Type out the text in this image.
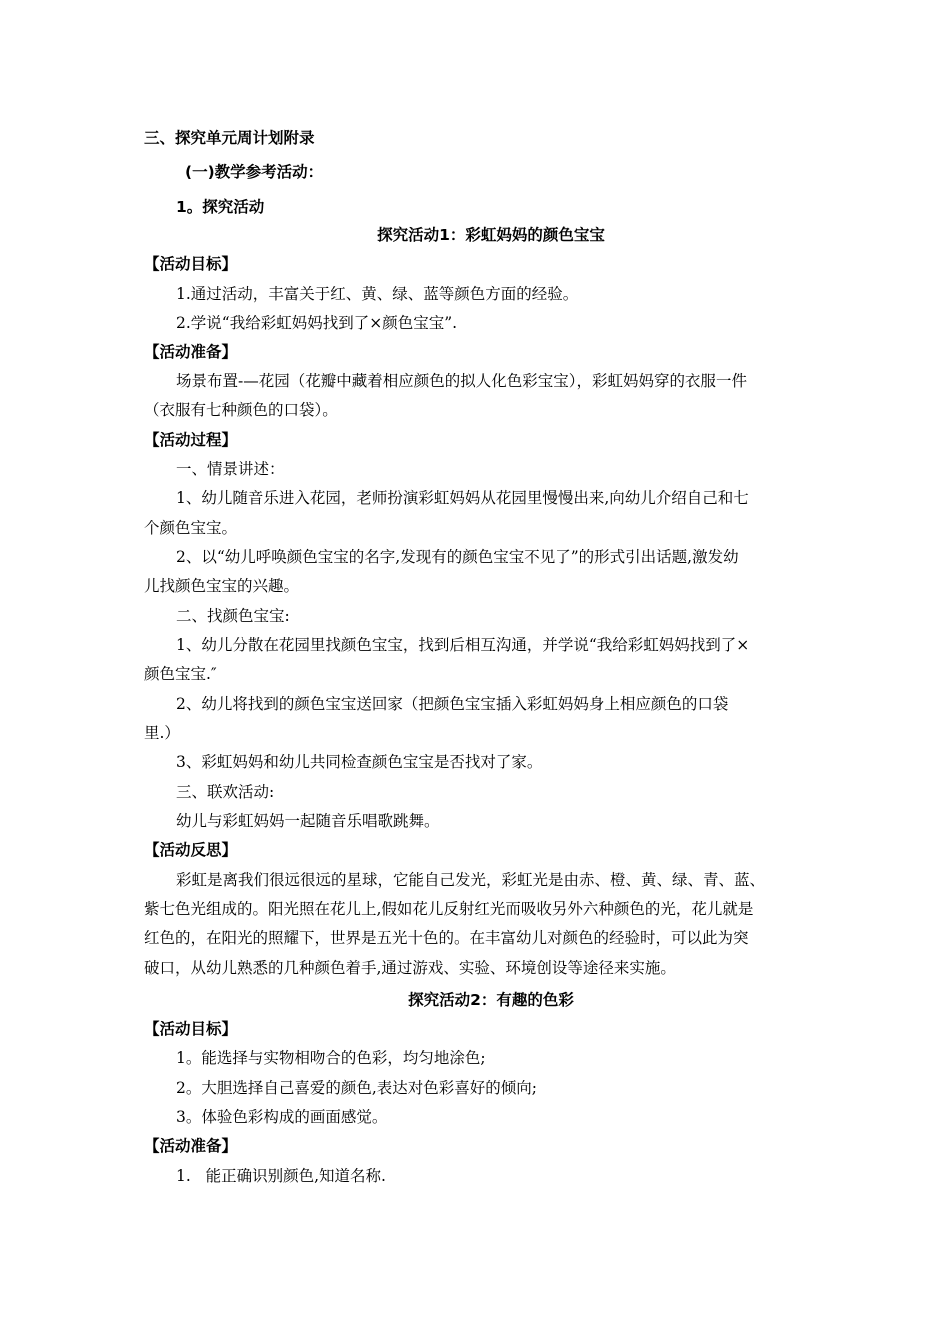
三、探究单元周计划附录
(一)教学参考活动：
1。探究活动
探究活动1：彩虹妈妈的颜色宝宝
【活动目标】
1.通过活动，丰富关于红、黄、绿、蓝等颜色方面的经验。
2.学说“我给彩虹妈妈找到了×颜色宝宝”.
【活动准备】
场景布置-—花园（花瓣中藏着相应颜色的拟人化色彩宝宝），彩虹妈妈穿的衣服一件
（衣服有七种颜色的口袋）。
【活动过程】
一、情景讲述：
1、幼儿随音乐进入花园，老师扮演彩虹妈妈从花园里慢慢出来,向幼儿介绍自己和七
个颜色宝宝。
2、以“幼儿呼唤颜色宝宝的名字,发现有的颜色宝宝不见了”的形式引出话题,激发幼
儿找颜色宝宝的兴趣。
二、找颜色宝宝:
1、幼儿分散在花园里找颜色宝宝，找到后相互沟通，并学说“我给彩虹妈妈找到了×
颜色宝宝.″
2、幼儿将找到的颜色宝宝送回家（把颜色宝宝插入彩虹妈妈身上相应颜色的口袋
里.）
3、彩虹妈妈和幼儿共同检查颜色宝宝是否找对了家。
三、联欢活动:
幼儿与彩虹妈妈一起随音乐唱歌跳舞。
【活动反思】
彩虹是离我们很远很远的星球，它能自己发光，彩虹光是由赤、橙、黄、绿、青、蓝、
紫七色光组成的。阳光照在花儿上,假如花儿反射红光而吸收另外六种颜色的光，花儿就是
红色的，在阳光的照耀下，世界是五光十色的。在丰富幼儿对颜色的经验时，可以此为突
破口，从幼儿熟悉的几种颜色着手,通过游戏、实验、环境创设等途径来实施。
探究活动2：有趣的色彩
【活动目标】
1。能选择与实物相吻合的色彩，均匀地涂色;
2。大胆选择自己喜爱的颜色,表达对色彩喜好的倾向;
3。体验色彩构成的画面感觉。
【活动准备】
1.   能正确识别颜色,知道名称.
